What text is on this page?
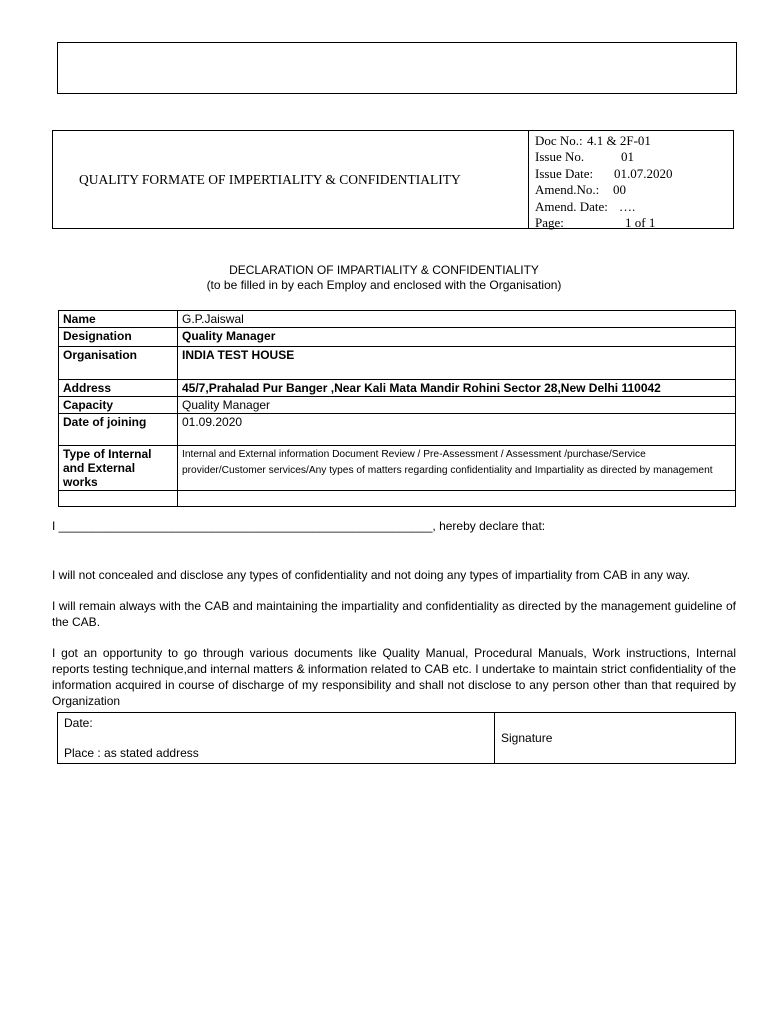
QUALITY FORMATE OF IMPERTIALITY & CONFIDENTIALITY
Doc No.: 4.1 & 2F-01
Issue No.	01
Issue Date:	01.07.2020
Amend.No.:	00
Amend. Date: ….
Page:	1 of 1
DECLARATION OF IMPARTIALITY & CONFIDENTIALITY
(to be filled in by each Employ and enclosed with the Organisation)
Name	G.P.Jaiswal
Designation	Quality Manager
Organisation	INDIA TEST HOUSE
Address	45/7,Prahalad Pur Banger ,Near Kali Mata Mandir Rohini Sector 28,New Delhi 110042
Capacity	Quality Manager
Date of joining	01.09.2020
Type of Internal and External works	Internal and External information Document Review / Pre-Assessment / Assessment /purchase/Service provider/Customer services/Any types of matters regarding confidentiality and Impartiality as directed by management

I ________________________________________________________, hereby declare that:
I will not concealed and disclose any types of confidentiality and not doing any types of impartiality from CAB in any way.
I will remain always with the CAB and maintaining the impartiality and confidentiality as directed by the management guideline of the CAB.
I got an opportunity to go through various documents like Quality Manual, Procedural Manuals, Work instructions, Internal reports testing technique,and internal matters & information related to CAB etc. I undertake to maintain strict confidentiality of the information acquired in course of discharge of my responsibility and shall not disclose to any person other than that required by Organization
Date:
Place : as stated address
	Signature
